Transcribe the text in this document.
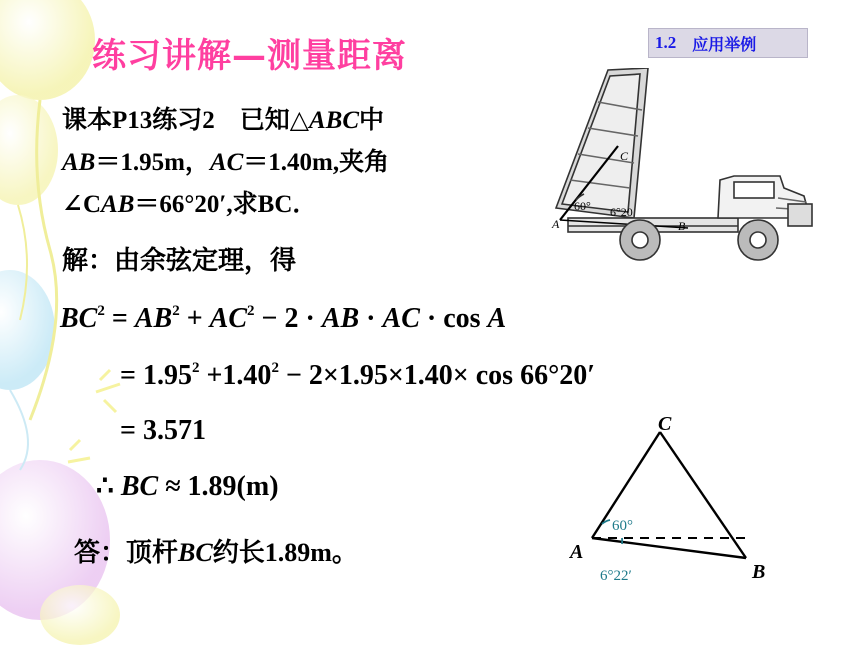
练习讲解—测量距离	1.2 应用举例
课本P13练习2　已知△ABC中
AB＝1.95m，AC＝1.40m,夹角
∠CAB＝66°20′,求BC．
解：由余弦定理，得
$BC^2 = AB^2 + AC^2 - 2$ · AB · AC · cos A
= $1.95^2 +1.40^2 - 2\times 1.95\times 1.40\times \cos 66^\circ 20'$
= 3.571
∴ BC ≈ 1.89(m)
答：顶杆BC约长1.89m。
C
A	B
60° 6°20
C
A
B
60°
6°22′
